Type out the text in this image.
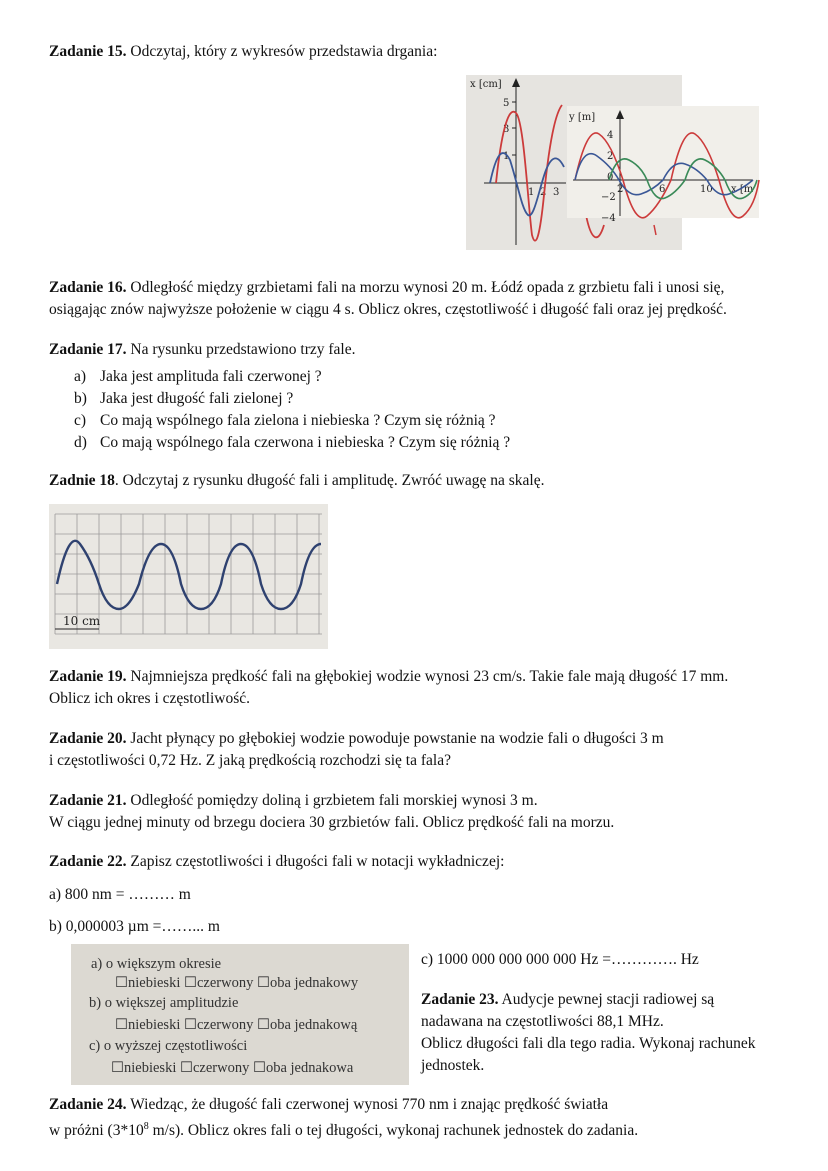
Zadanie 15. Odczytaj, który z wykresów przedstawia drgania:
x [cm]
5
3
1
1 2 3
y [m]
4
2
0
−2
−4
2	6	10 x [m
Zadanie 16. Odległość między grzbietami fali na morzu wynosi 20 m. Łódź opada z grzbietu fali i unosi się,
osiągając znów najwyższe położenie w ciągu 4 s. Oblicz okres, częstotliwość i długość fali oraz jej prędkość.
Zadanie 17. Na rysunku przedstawiono trzy fale.
a) Jaka jest amplituda fali czerwonej ?
b) Jaka jest długość fali zielonej ?
c) Co mają wspólnego fala zielona i niebieska ? Czym się różnią ?
d) Co mają wspólnego fala czerwona i niebieska ? Czym się różnią ?
Zadnie 18. Odczytaj z rysunku długość fali i amplitudę. Zwróć uwagę na skalę.
10 cm
Zadanie 19. Najmniejsza prędkość fali na głębokiej wodzie wynosi 23 cm/s. Takie fale mają długość 17 mm.
Oblicz ich okres i częstotliwość.
Zadanie 20. Jacht płynący po głębokiej wodzie powoduje powstanie na wodzie fali o długości 3 m
i częstotliwości 0,72 Hz. Z jaką prędkością rozchodzi się ta fala?
Zadanie 21. Odległość pomiędzy doliną i grzbietem fali morskiej wynosi 3 m.
W ciągu jednej minuty od brzegu dociera 30 grzbietów fali. Oblicz prędkość fali na morzu.
Zadanie 22. Zapisz częstotliwości i długości fali w notacji wykładniczej:
a) 800 nm = ……… m
b) 0,000003 µm =……... m
a) o większym okresie
☐niebieski ☐czerwony ☐oba jednakowy
b) o większej amplitudzie
☐niebieski ☐czerwony ☐oba jednakową
c) o wyższej częstotliwości
☐niebieski ☐czerwony ☐oba jednakowa
c) 1000 000 000 000 000 Hz =…………. Hz
Zadanie 23. Audycje pewnej stacji radiowej są
nadawana na częstotliwości 88,1 MHz.
Oblicz długości fali dla tego radia. Wykonaj rachunek
jednostek.
Zadanie 24. Wiedząc, że długość fali czerwonej wynosi 770 nm i znając prędkość światła
w próżni ($3*10^8$ m/s). Oblicz okres fali o tej długości, wykonaj rachunek jednostek do zadania.
